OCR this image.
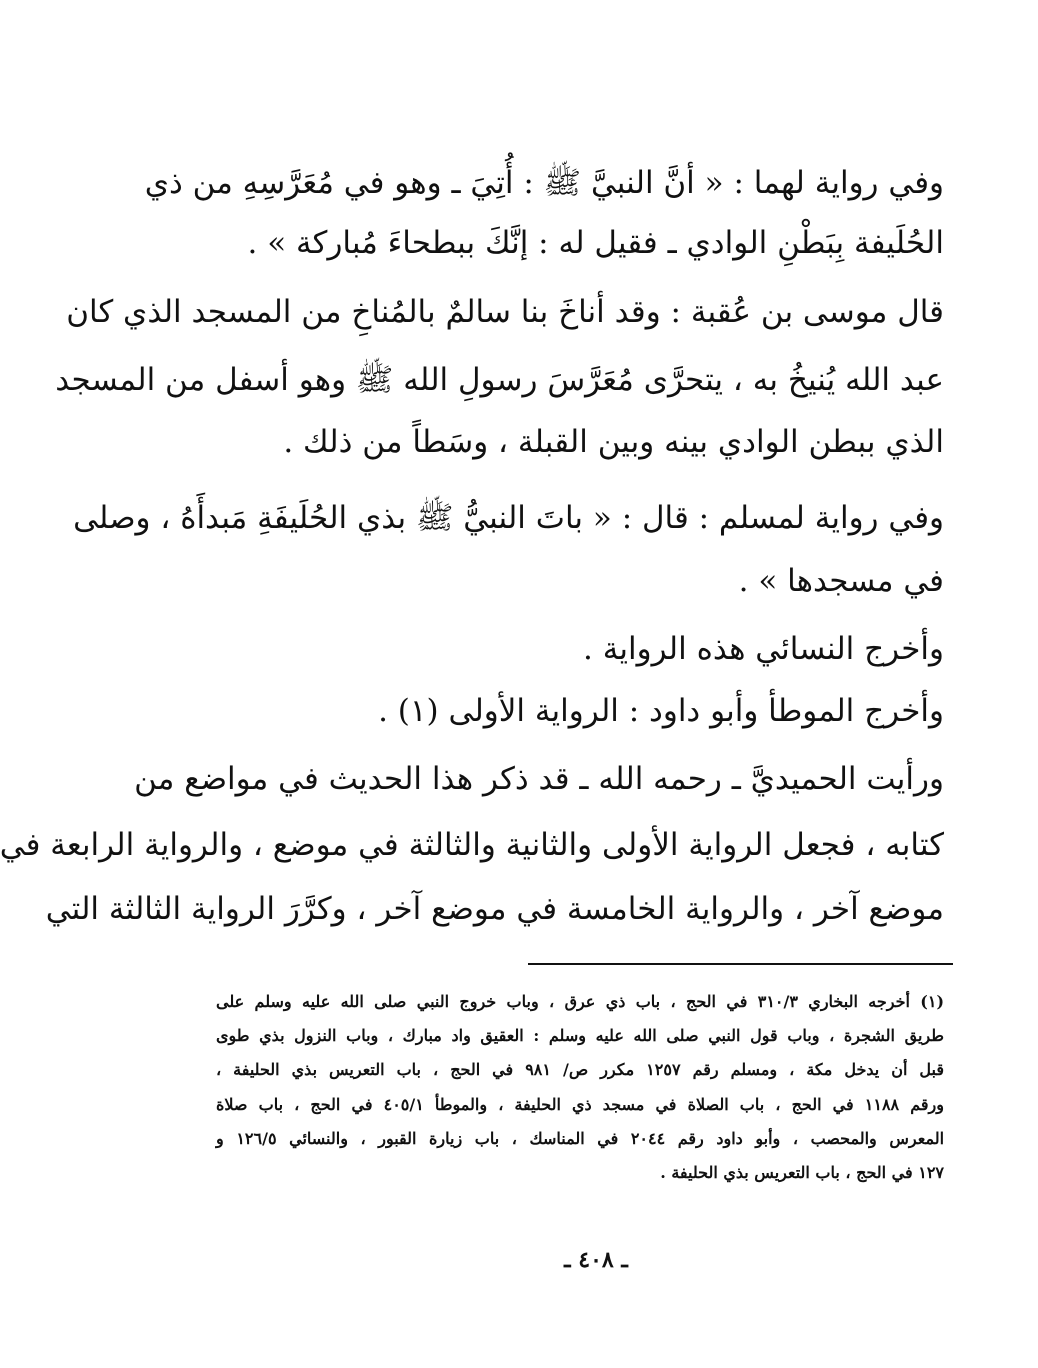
وفي رواية لهما : « أنَّ النبيَّ ﷺ : أُتِيَ ـ وهو في مُعَرَّسِهِ من ذي
الحُلَيفة بِبَطْنِ الوادي ـ فقيل له : إنَّكَ ببطحاءَ مُباركة » .
قال موسى بن عُقبة : وقد أناخَ بنا سالمٌ بالمُناخِ من المسجد الذي كان
عبد الله يُنيخُ به ، يتحرَّى مُعَرَّسَ رسولِ الله ﷺ وهو أسفل من المسجد
الذي ببطن الوادي بينه وبين القبلة ، وسَطاً من ذلك .
وفي رواية لمسلم : قال : « باتَ النبيُّ ﷺ بذي الحُلَيفَةِ مَبدأَهُ ، وصلى
في مسجدها » .
وأخرج النسائي هذه الرواية .
وأخرج الموطأ وأبو داود : الرواية الأولى (١) .
ورأيت الحميديَّ ـ رحمه الله ـ قد ذكر هذا الحديث في مواضع من
كتابه ، فجعل الرواية الأولى والثانية والثالثة في موضع ، والرواية الرابعة في
موضع آخر ، والرواية الخامسة في موضع آخر ، وكرَّرَ الرواية الثالثة التي
(١) أخرجه البخاري ٣١٠/٣ في الحج ، باب ذي عرق ، وباب خروج النبي صلى الله عليه وسلم على
طريق الشجرة ، وباب قول النبي صلى الله عليه وسلم : العقيق واد مبارك ، وباب النزول بذي طوى
قبل أن يدخل مكة ، ومسلم رقم ١٢٥٧ مكرر ص/ ٩٨١ في الحج ، باب التعريس بذي الحليفة ،
ورقم ١١٨٨ في الحج ، باب الصلاة في مسجد ذي الحليفة ، والموطأ ٤٠٥/١ في الحج ، باب صلاة
المعرس والمحصب ، وأبو داود رقم ٢٠٤٤ في المناسك ، باب زيارة القبور ، والنسائي ١٢٦/٥ و
١٢٧ في الحج ، باب التعريس بذي الحليفة .
ـ ٤٠٨ ـ
